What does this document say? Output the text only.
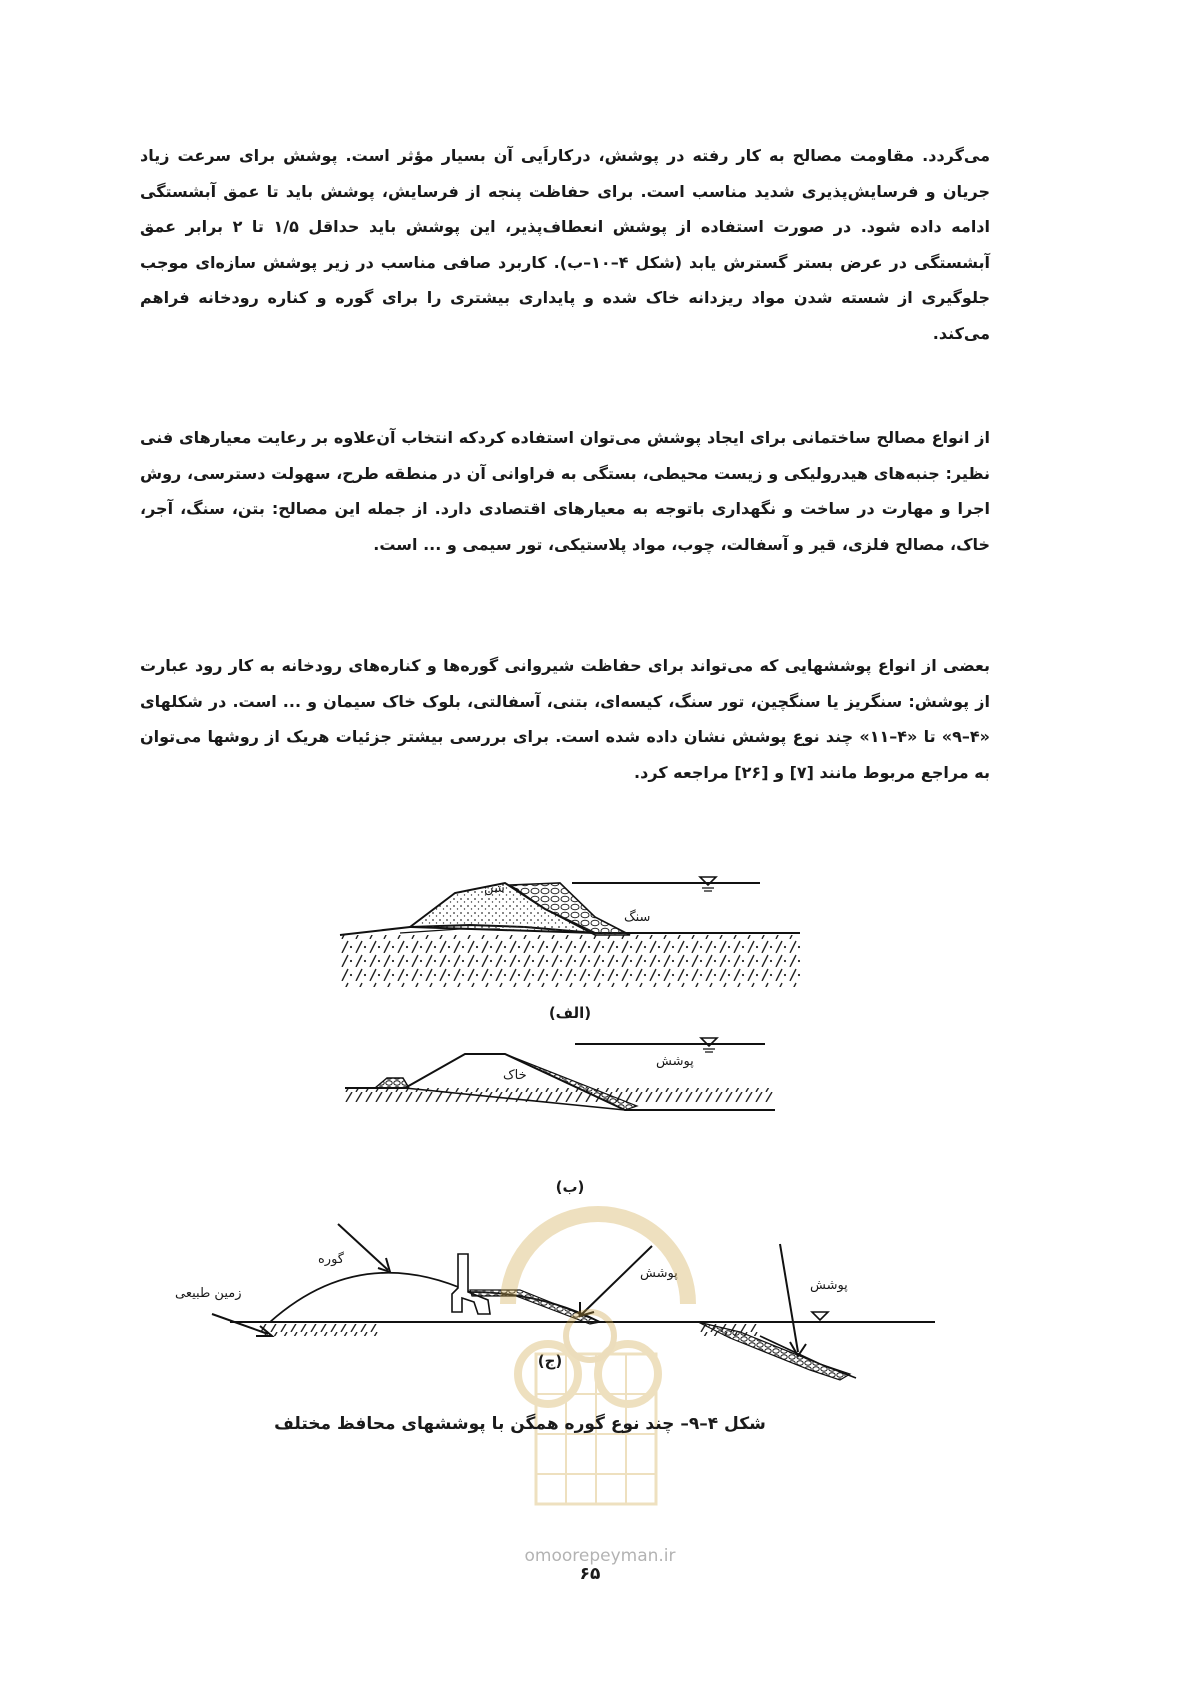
می‌گردد. مقاومت مصالح به کار رفته در پوشش، درکاراَیی آن بسیار مؤثر است. پوشش برای سرعت زیاد جریان و فرسایش‌پذیری شدید مناسب است. برای حفاظت پنجه از فرسایش، پوشش باید تا عمق آبشستگی ادامه داده شود. در صورت استفاده از پوشش انعطاف‌پذیر، این پوشش باید حداقل ۱/۵ تا ۲ برابر عمق آبشستگی در عرض بستر گسترش یابد (شکل ۴–۱۰–ب). کاربرد صافی مناسب در زیر پوشش سازه‌ای موجب جلوگیری از شسته شدن مواد ریزدانه خاک شده و پایداری بیشتری را برای گوره و کناره رودخانه فراهم می‌کند.

از انواع مصالح ساختمانی برای ایجاد پوشش می‌توان استفاده کردکه انتخاب آن‌علاوه بر رعایت معیارهای فنی نظیر: جنبه‌های هیدرولیکی و زیست محیطی، بستگی به فراوانی آن در منطقه طرح، سهولت دسترسی، روش اجرا و مهارت در ساخت و نگهداری باتوجه به معیارهای اقتصادی دارد. از جمله این مصالح: بتن، سنگ، آجر، خاک، مصالح فلزی، قیر و آسفالت، چوب، مواد پلاستیکی، تور سیمی و ... است.

بعضی از انواع پوششهایی که می‌تواند برای حفاظت شیروانی گوره‌ها و کناره‌های رودخانه به‌ کار رود عبارت از پوشش: سنگریز یا سنگچین، تور سنگ، کیسه‌ای، بتنی، آسفالتی، بلوک خاک سیمان و ... است. در شکلهای «۴–۹» تا «۴–۱۱» چند نوع پوشش نشان داده شده است. برای بررسی بیشتر جزئیات هریک از روشها می‌توان به مراجع مربوط مانند [۷] و [۲۶] مراجعه کرد.

شن
سنگ
(الف)
خاک
پوشش
(ب)
زمین طبیعی
گوره
پوشش
پوشش
(ج)
شکل ۴–۹– چند نوع گوره همگن با پوششهای محافظ مختلف
omoorepeyman.ir
۶۵
